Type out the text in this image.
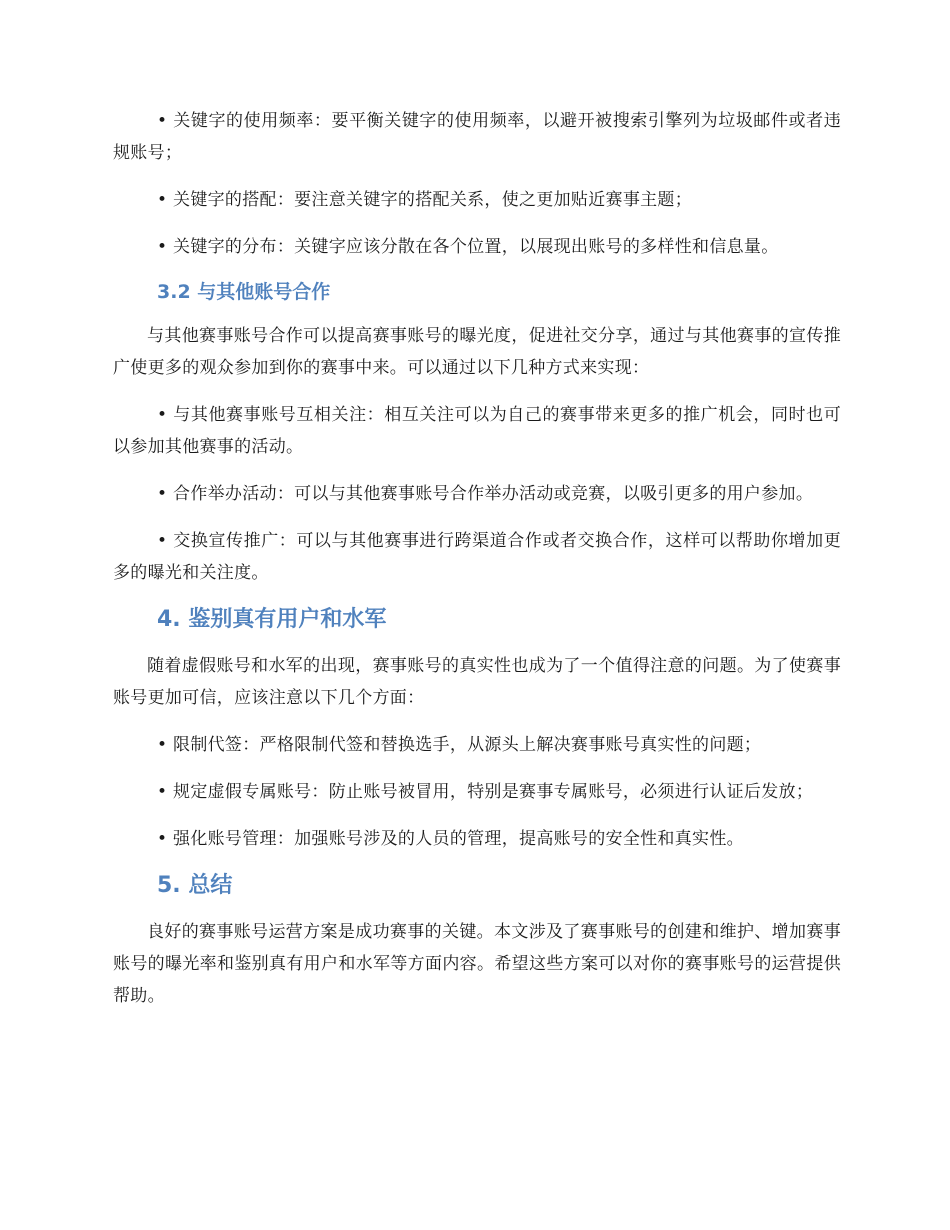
• 关键字的使用频率：要平衡关键字的使用频率，以避开被搜索引擎列为垃圾邮件或者违规账号；

• 关键字的搭配：要注意关键字的搭配关系，使之更加贴近赛事主题；

• 关键字的分布：关键字应该分散在各个位置，以展现出账号的多样性和信息量。

3.2 与其他账号合作

与其他赛事账号合作可以提高赛事账号的曝光度，促进社交分享，通过与其他赛事的宣传推广使更多的观众参加到你的赛事中来。可以通过以下几种方式来实现：

• 与其他赛事账号互相关注：相互关注可以为自己的赛事带来更多的推广机会，同时也可以参加其他赛事的活动。

• 合作举办活动：可以与其他赛事账号合作举办活动或竞赛，以吸引更多的用户参加。

• 交换宣传推广：可以与其他赛事进行跨渠道合作或者交换合作，这样可以帮助你增加更多的曝光和关注度。

4. 鉴别真有用户和水军

随着虚假账号和水军的出现，赛事账号的真实性也成为了一个值得注意的问题。为了使赛事账号更加可信，应该注意以下几个方面：

• 限制代签：严格限制代签和替换选手，从源头上解决赛事账号真实性的问题；

• 规定虚假专属账号：防止账号被冒用，特别是赛事专属账号，必须进行认证后发放；

• 强化账号管理：加强账号涉及的人员的管理，提高账号的安全性和真实性。

5. 总结

良好的赛事账号运营方案是成功赛事的关键。本文涉及了赛事账号的创建和维护、增加赛事账号的曝光率和鉴别真有用户和水军等方面内容。希望这些方案可以对你的赛事账号的运营提供帮助。
